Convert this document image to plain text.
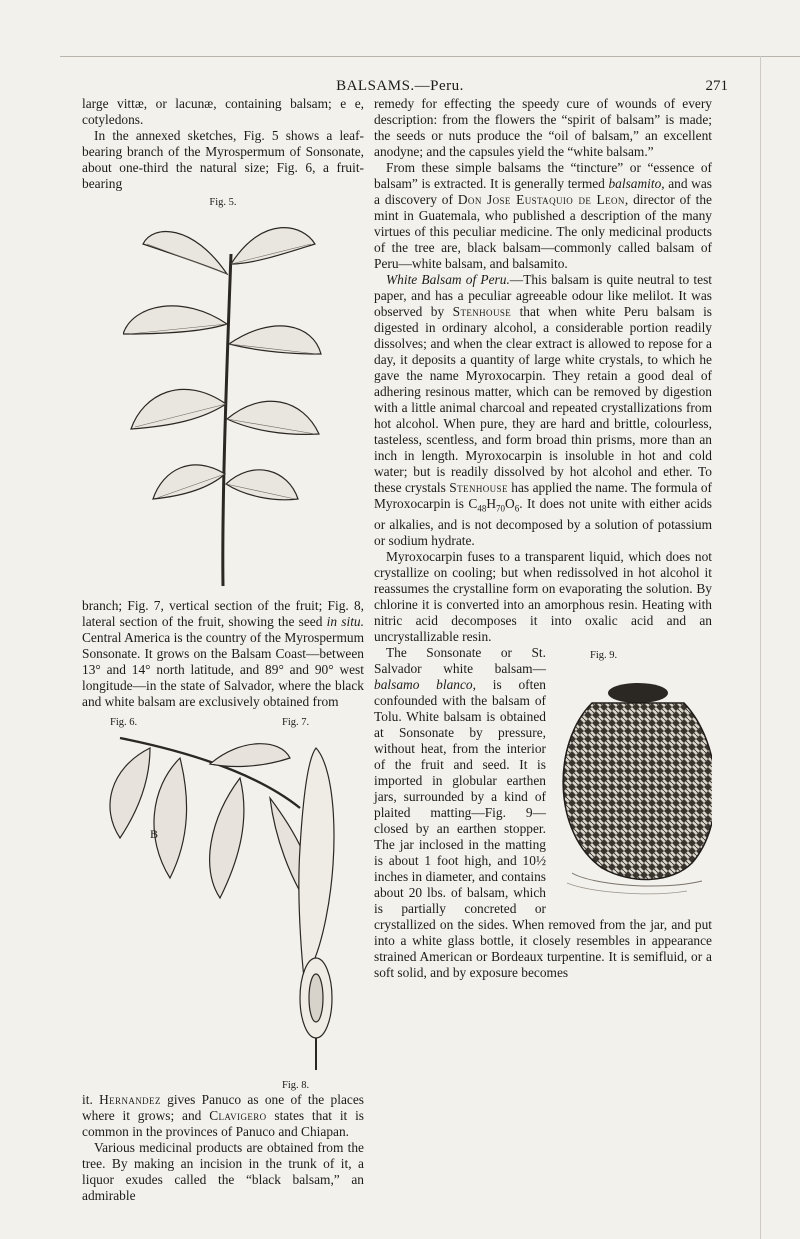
BALSAMS.—Peru.	271

large vittæ, or lacunæ, containing balsam; e e, cotyledons.

In the annexed sketches, Fig. 5 shows a leaf-bearing branch of the Myrospermum of Sonsonate, about one-third the natural size; Fig. 6, a fruit-bearing

Fig. 5.

branch; Fig. 7, vertical section of the fruit; Fig. 8, lateral section of the fruit, showing the seed in situ. Central America is the country of the Myrospermum Sonsonate. It grows on the Balsam Coast—between 13° and 14° north latitude, and 89° and 90° west longitude—in the state of Salvador, where the black and white balsam are exclusively obtained from

Fig. 6.	Fig. 7.
B
Fig. 8.

it. Hernandez gives Panuco as one of the places where it grows; and Clavigero states that it is common in the provinces of Panuco and Chiapan.

Various medicinal products are obtained from the tree. By making an incision in the trunk of it, a liquor exudes called the “black balsam,” an admirable

remedy for effecting the speedy cure of wounds of every description: from the flowers the “spirit of balsam” is made; the seeds or nuts produce the “oil of balsam,” an excellent anodyne; and the capsules yield the “white balsam.”

From these simple balsams the “tincture” or “essence of balsam” is extracted. It is generally termed balsamito, and was a discovery of Don Jose Eustaquio de Leon, director of the mint in Guatemala, who published a description of the many virtues of this peculiar medicine. The only medicinal products of the tree are, black balsam—commonly called balsam of Peru—white balsam, and balsamito.

White Balsam of Peru.—This balsam is quite neutral to test paper, and has a peculiar agreeable odour like melilot. It was observed by Stenhouse that when white Peru balsam is digested in ordinary alcohol, a considerable portion readily dissolves; and when the clear extract is allowed to repose for a day, it deposits a quantity of large white crystals, to which he gave the name Myroxocarpin. They retain a good deal of adhering resinous matter, which can be removed by digestion with a little animal charcoal and repeated crystallizations from hot alcohol. When pure, they are hard and brittle, colourless, tasteless, scentless, and form broad thin prisms, more than an inch in length. Myroxocarpin is insoluble in hot and cold water; but is readily dissolved by hot alcohol and ether. To these crystals Stenhouse has applied the name. The formula of Myroxocarpin is $C_{48}H_{70}O_6$. It does not unite with either acids or alkalies, and is not decomposed by a solution of potassium or sodium hydrate.

Myroxocarpin fuses to a transparent liquid, which does not crystallize on cooling; but when redissolved in hot alcohol it reassumes the crystalline form on evaporating the solution. By chlorine it is converted into an amorphous resin. Heating with nitric acid decomposes it into oxalic acid and an uncrystallizable resin.

Fig. 9.

The Sonsonate or St. Salvador white balsam—balsamo blanco, is often confounded with the balsam of Tolu. White balsam is obtained at Sonsonate by pressure, without heat, from the interior of the fruit and seed. It is imported in globular earthen jars, surrounded by a kind of plaited matting—Fig. 9—closed by an earthen stopper. The jar inclosed in the matting is about 1 foot high, and 10½ inches in diameter, and contains about 20 lbs. of balsam, which is partially concreted or crystallized on the sides. When removed from the jar, and put into a white glass bottle, it closely resembles in appearance strained American or Bordeaux turpentine. It is semifluid, or a soft solid, and by exposure becomes
